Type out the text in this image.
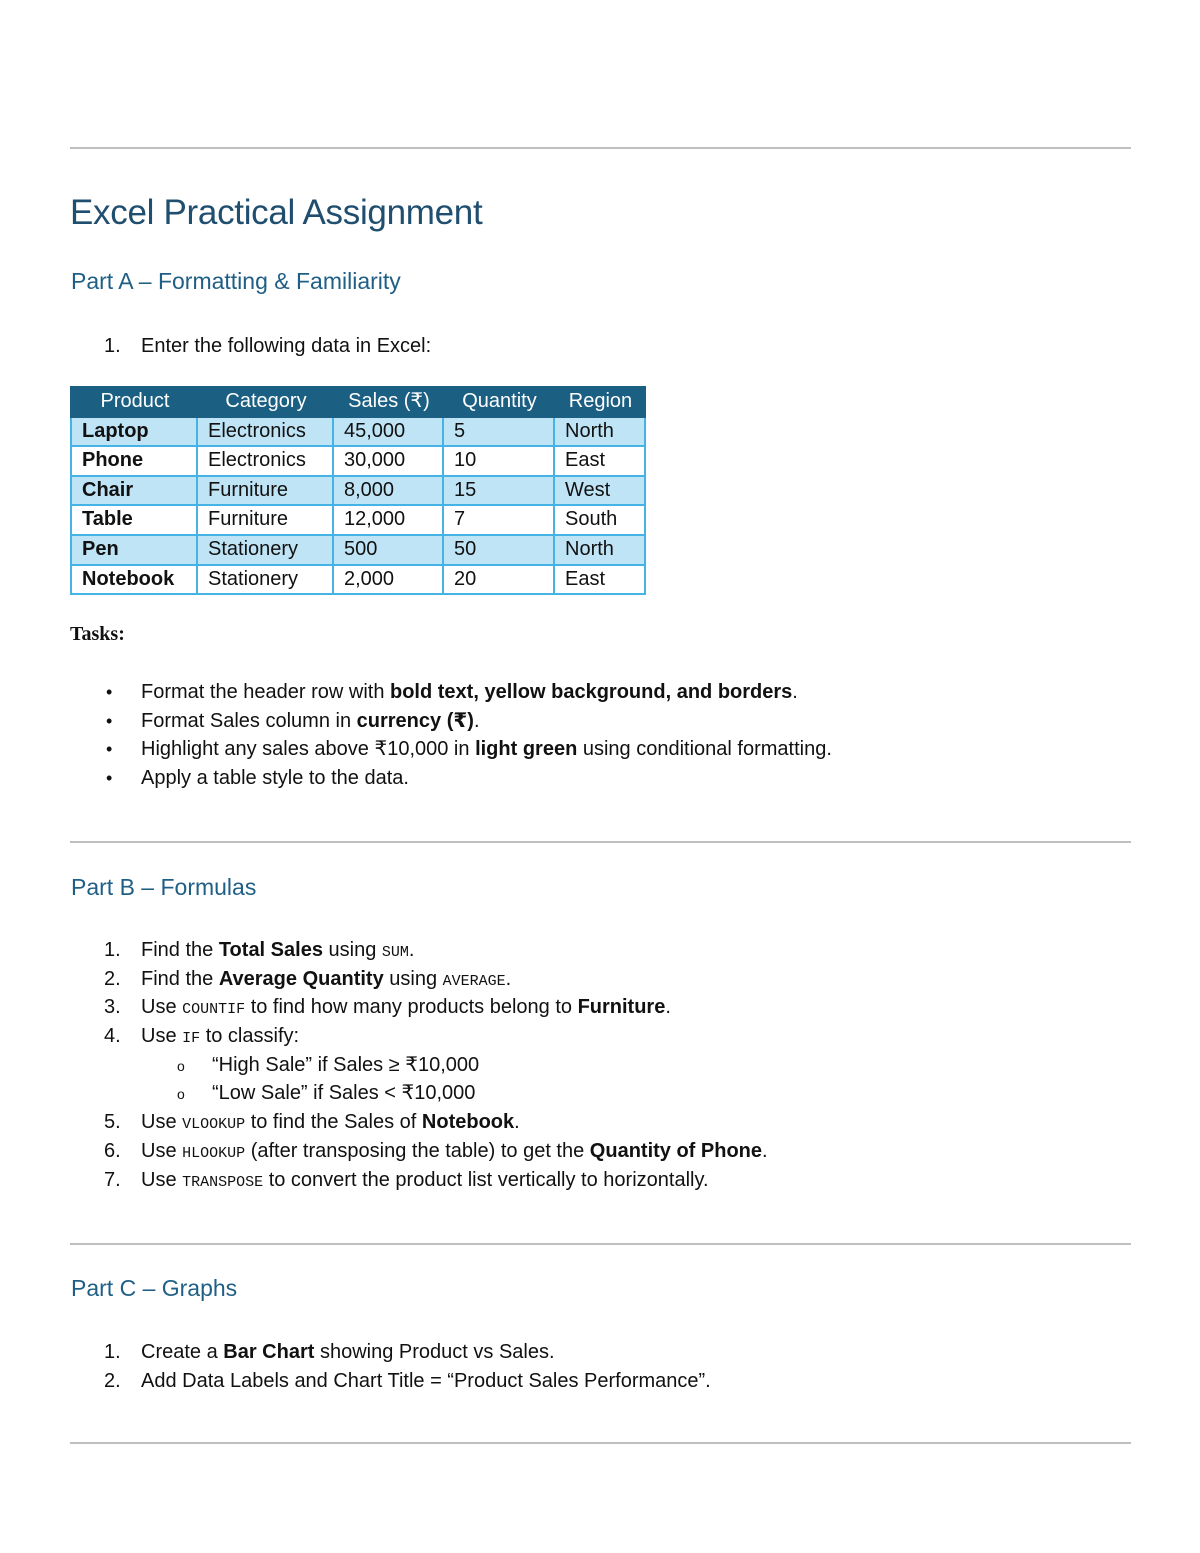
Excel Practical Assignment
Part A – Formatting & Familiarity
1.	Enter the following data in Excel:
Product	Category	Sales (₹)	Quantity	Region
Laptop	Electronics	45,000	5	North
Phone	Electronics	30,000	10	East
Chair	Furniture	8,000	15	West
Table	Furniture	12,000	7	South
Pen	Stationery	500	50	North
Notebook	Stationery	2,000	20	East
Tasks:
• Format the header row with bold text, yellow background, and borders.
• Format Sales column in currency (₹).
• Highlight any sales above ₹10,000 in light green using conditional formatting.
• Apply a table style to the data.
Part B – Formulas
1.	Find the Total Sales using SUM.
2.	Find the Average Quantity using AVERAGE.
3.	Use COUNTIF to find how many products belong to Furniture.
4.	Use IF to classify:
o “High Sale” if Sales ≥ ₹10,000
o “Low Sale” if Sales < ₹10,000
5.	Use VLOOKUP to find the Sales of Notebook.
6.	Use HLOOKUP (after transposing the table) to get the Quantity of Phone.
7.	Use TRANSPOSE to convert the product list vertically to horizontally.
Part C – Graphs
1.	Create a Bar Chart showing Product vs Sales.
2.	Add Data Labels and Chart Title = “Product Sales Performance”.
